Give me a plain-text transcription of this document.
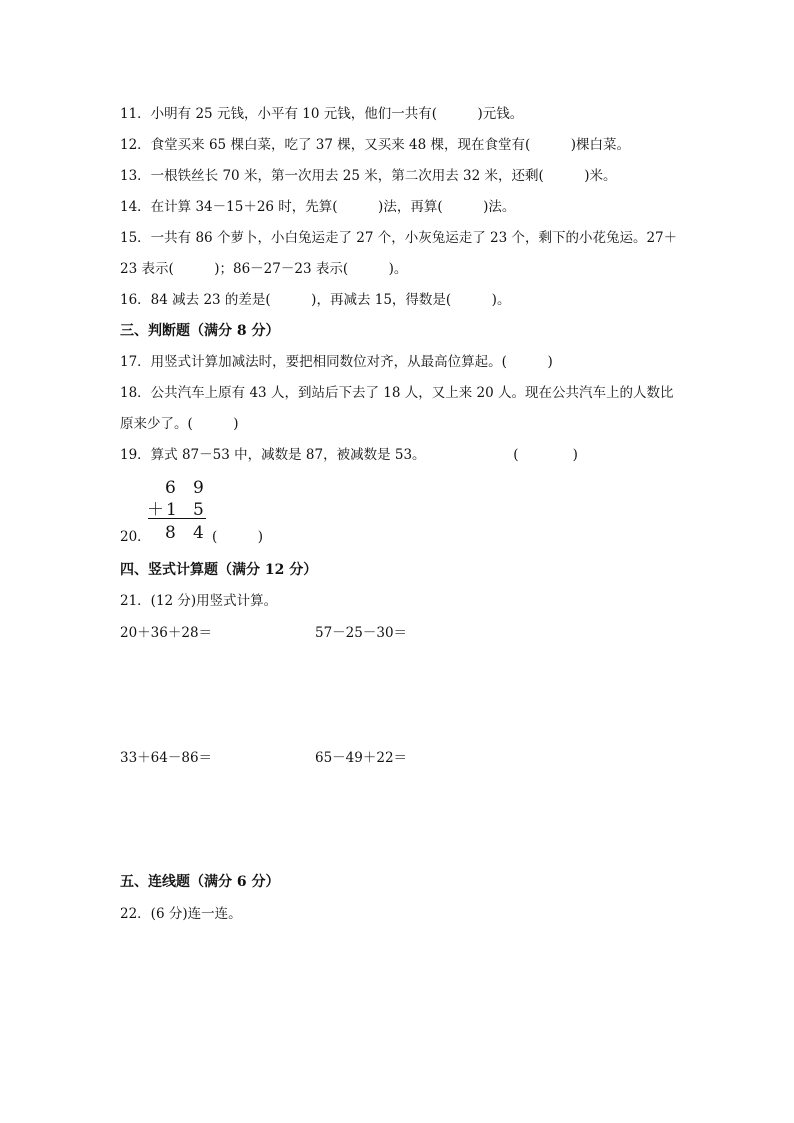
11．小明有 25 元钱，小平有 10 元钱，他们一共有(　　　)元钱。
12．食堂买来 65 棵白菜，吃了 37 棵，又买来 48 棵，现在食堂有(　　　)棵白菜。
13．一根铁丝长 70 米，第一次用去 25 米，第二次用去 32 米，还剩(　　　)米。
14．在计算 34－15＋26 时，先算(　　　)法，再算(　　　)法。
15．一共有 86 个萝卜，小白兔运走了 27 个，小灰兔运走了 23 个，剩下的小花兔运。27＋
23 表示(　　　)；86－27－23 表示(　　　)。
16．84 减去 23 的差是(　　　)，再减去 15，得数是(　　　)。
三、判断题（满分 8 分）
17．用竖式计算加减法时，要把相同数位对齐，从最高位算起。(　　　)
18．公共汽车上原有 43 人，到站后下去了 18 人，又上来 20 人。现在公共汽车上的人数比
原来少了。(　　　)
19．算式 87－53 中，减数是 87，被减数是 53。　　　　　　　(　　　　)
6 9
＋ 1 5
8 4
20．	(　　　)
四、竖式计算题（满分 12 分）
21．(12 分)用竖式计算。
20＋36＋28＝	57－25－30＝
33＋64－86＝	65－49＋22＝
五、连线题（满分 6 分）
22．(6 分)连一连。
